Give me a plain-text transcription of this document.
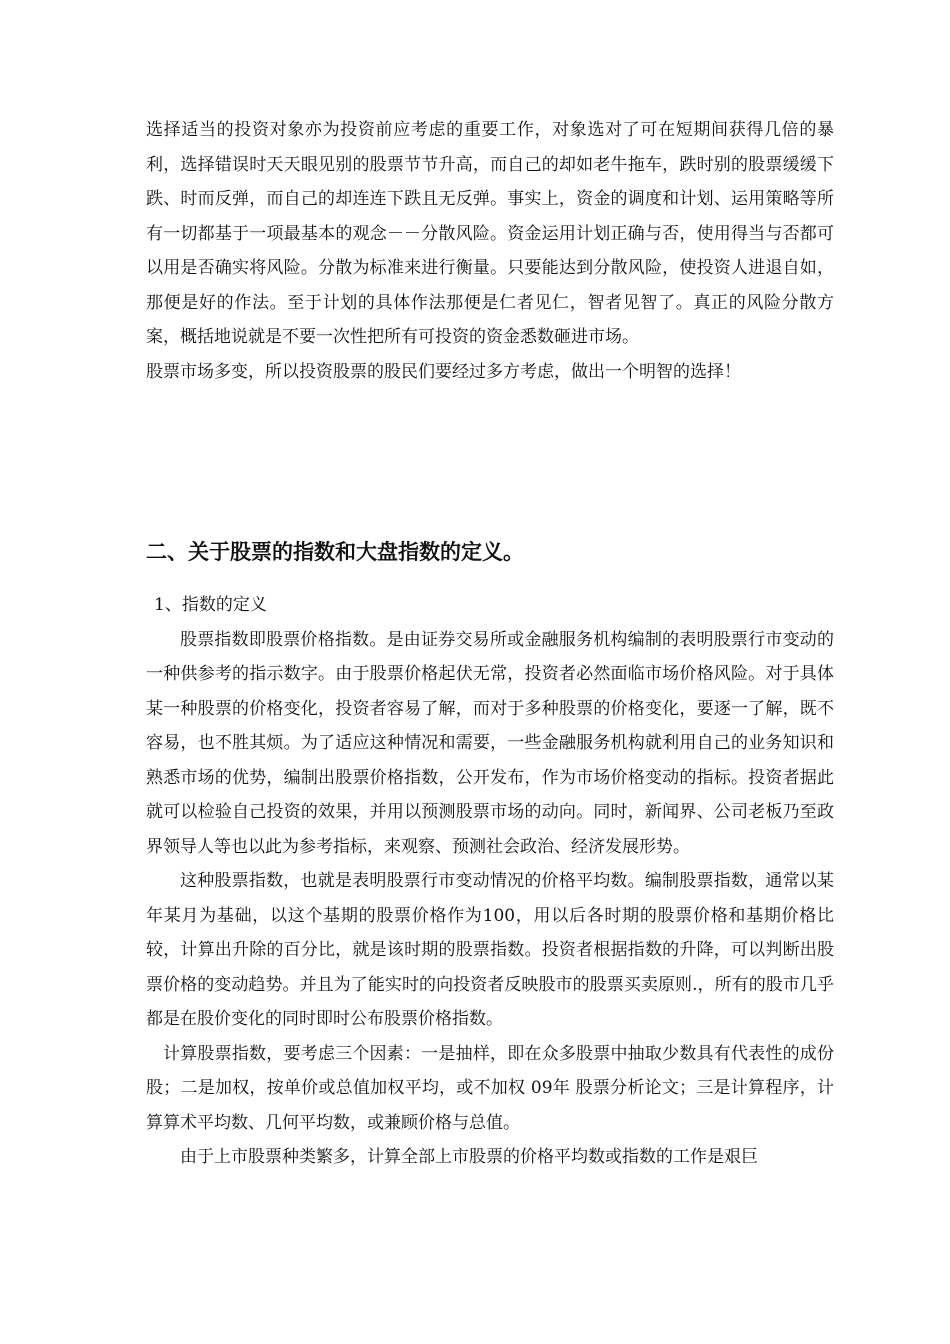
选择适当的投资对象亦为投资前应考虑的重要工作，对象选对了可在短期间获得几倍的暴利，选择错误时天天眼见别的股票节节升高，而自己的却如老牛拖车，跌时别的股票缓缓下跌、时而反弹，而自己的却连连下跌且无反弹。事实上，资金的调度和计划、运用策略等所有一切都基于一项最基本的观念－－分散风险。资金运用计划正确与否，使用得当与否都可以用是否确实将风险。分散为标准来进行衡量。只要能达到分散风险，使投资人进退自如，那便是好的作法。至于计划的具体作法那便是仁者见仁，智者见智了。真正的风险分散方案，概括地说就是不要一次性把所有可投资的资金悉数砸进市场。

股票市场多变，所以投资股票的股民们要经过多方考虑，做出一个明智的选择！

二、关于股票的指数和大盘指数的定义。

1、指数的定义

股票指数即股票价格指数。是由证券交易所或金融服务机构编制的表明股票行市变动的一种供参考的指示数字。由于股票价格起伏无常，投资者必然面临市场价格风险。对于具体某一种股票的价格变化，投资者容易了解，而对于多种股票的价格变化，要逐一了解，既不容易，也不胜其烦。为了适应这种情况和需要，一些金融服务机构就利用自己的业务知识和熟悉市场的优势，编制出股票价格指数，公开发布，作为市场价格变动的指标。投资者据此就可以检验自己投资的效果，并用以预测股票市场的动向。同时，新闻界、公司老板乃至政界领导人等也以此为参考指标，来观察、预测社会政治、经济发展形势。

这种股票指数，也就是表明股票行市变动情况的价格平均数。编制股票指数，通常以某年某月为基础，以这个基期的股票价格作为100，用以后各时期的股票价格和基期价格比较，计算出升除的百分比，就是该时期的股票指数。投资者根据指数的升降，可以判断出股票价格的变动趋势。并且为了能实时的向投资者反映股市的股票买卖原则.，所有的股市几乎都是在股价变化的同时即时公布股票价格指数。

计算股票指数，要考虑三个因素：一是抽样，即在众多股票中抽取少数具有代表性的成份股；二是加权，按单价或总值加权平均，或不加权 09年 股票分析论文；三是计算程序，计算算术平均数、几何平均数，或兼顾价格与总值。

由于上市股票种类繁多，计算全部上市股票的价格平均数或指数的工作是艰巨
